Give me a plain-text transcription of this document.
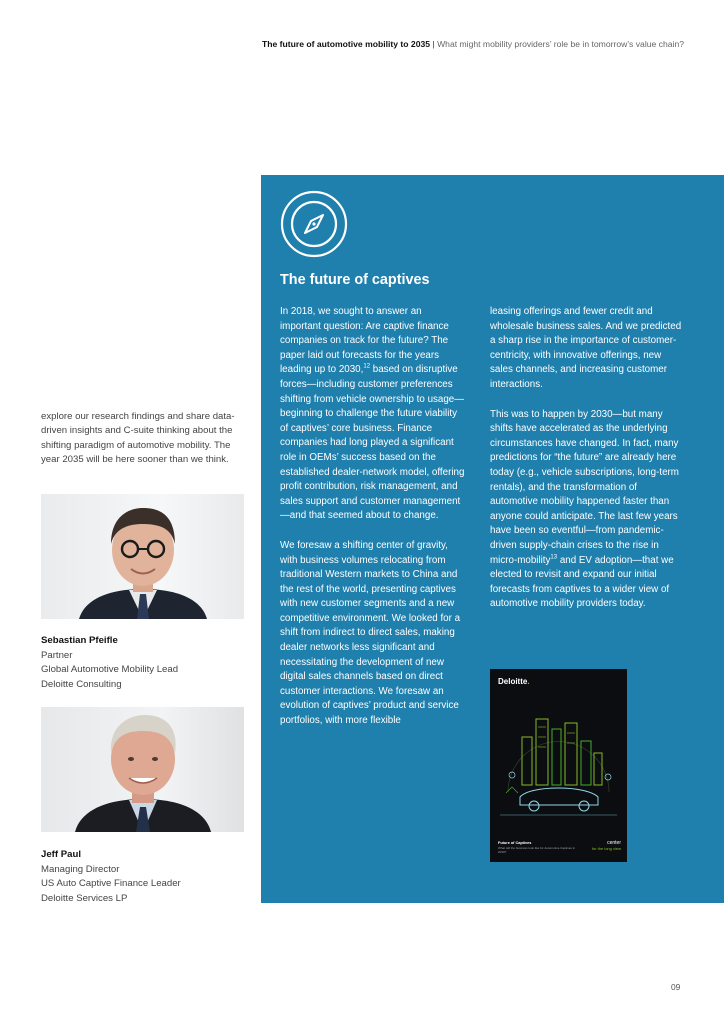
The future of automotive mobility to 2035 | What might mobility providers’ role be in tomorrow’s value chain?
explore our research findings and share data-driven insights and C-suite thinking about the shifting paradigm of automotive mobility. The year 2035 will be here sooner than we think.
Sebastian Pfeifle
Partner
Global Automotive Mobility Lead
Deloitte Consulting
Jeff Paul
Managing Director
US Auto Captive Finance Leader
Deloitte Services LP
The future of captives

In 2018, we sought to answer an important question: Are captive finance companies on track for the future? The paper laid out forecasts for the years leading up to 2030,12 based on disruptive forces—including customer preferences shifting from vehicle ownership to usage—beginning to challenge the future viability of captives’ core business. Finance companies had long played a significant role in OEMs’ success based on the established dealer-network model, offering profit contribution, risk management, and sales support and customer management—and that seemed about to change.

We foresaw a shifting center of gravity, with business volumes relocating from traditional Western markets to China and the rest of the world, presenting captives with new customer segments and a new competitive environment. We looked for a shift from indirect to direct sales, making dealer networks less significant and necessitating the development of new digital sales channels based on direct customer interactions. We foresaw an evolution of captives’ product and service portfolios, with more flexible

leasing offerings and fewer credit and wholesale business sales. And we predicted a sharp rise in the importance of customer-centricity, with innovative offerings, new sales channels, and increasing customer interactions.

This was to happen by 2030—but many shifts have accelerated as the underlying circumstances have changed. In fact, many predictions for “the future” are already here today (e.g., vehicle subscriptions, long-term rentals), and the transformation of automotive mobility happened faster than anyone could anticipate. The last few years have been so eventful—from pandemic-driven supply-chain crises to the rise in micro-mobility$^{13}$ and EV adoption—that we elected to revisit and expand our initial forecasts from captives to a wider view of automotive mobility providers today.

Deloitte.
Future of Captives
What will the business look like for Automotive Captives in 2030?
center
for the long view
09
